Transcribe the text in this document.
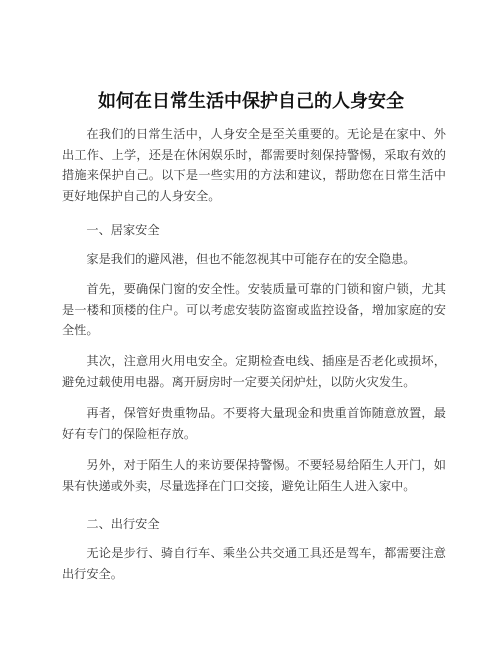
如何在日常生活中保护自己的人身安全

在我们的日常生活中，人身安全是至关重要的。无论是在家中、外出工作、上学，还是在休闲娱乐时，都需要时刻保持警惕，采取有效的措施来保护自己。以下是一些实用的方法和建议，帮助您在日常生活中更好地保护自己的人身安全。

一、居家安全

家是我们的避风港，但也不能忽视其中可能存在的安全隐患。

首先，要确保门窗的安全性。安装质量可靠的门锁和窗户锁，尤其是一楼和顶楼的住户。可以考虑安装防盗窗或监控设备，增加家庭的安全性。

其次，注意用火用电安全。定期检查电线、插座是否老化或损坏，避免过载使用电器。离开厨房时一定要关闭炉灶，以防火灾发生。

再者，保管好贵重物品。不要将大量现金和贵重首饰随意放置，最好有专门的保险柜存放。

另外，对于陌生人的来访要保持警惕。不要轻易给陌生人开门，如果有快递或外卖，尽量选择在门口交接，避免让陌生人进入家中。

二、出行安全

无论是步行、骑自行车、乘坐公共交通工具还是驾车，都需要注意出行安全。
